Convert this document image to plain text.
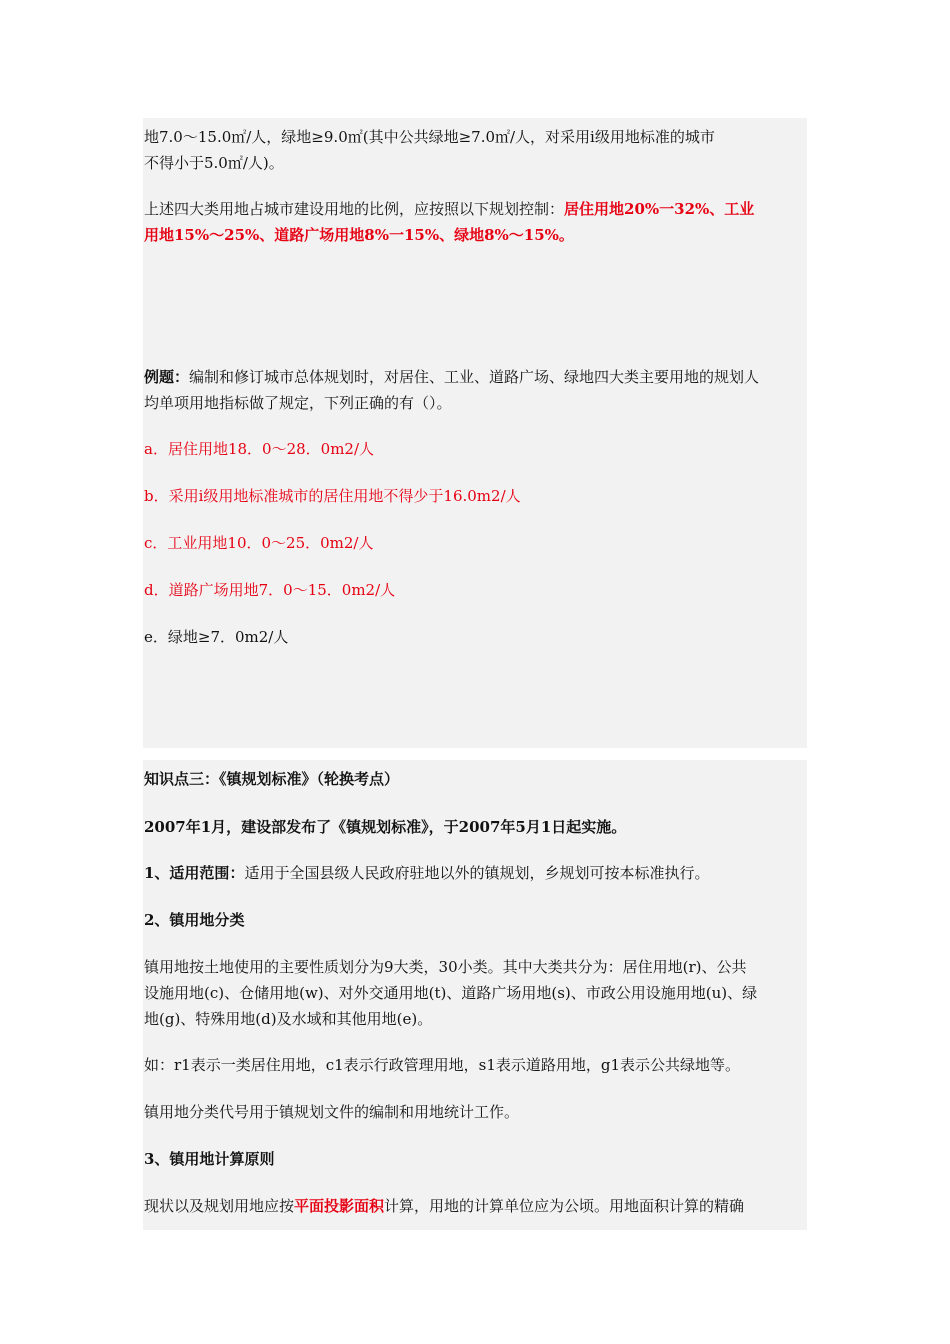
地7.0～15.0㎡/人，绿地≥9.0㎡(其中公共绿地≥7.0㎡/人，对采用i级用地标准的城市
不得小于5.0㎡/人)。
上述四大类用地占城市建设用地的比例，应按照以下规划控制：居住用地20%一32%、工业
用地15%～25%、道路广场用地8%一15%、绿地8%～15%。
例题：编制和修订城市总体规划时，对居住、工业、道路广场、绿地四大类主要用地的规划人
均单项用地指标做了规定，下列正确的有（）。
a．居住用地18．0～28．0m2/人
b．采用i级用地标准城市的居住用地不得少于16.0m2/人
c．工业用地10．0～25．0m2/人
d．道路广场用地7．0～15．0m2/人
e．绿地≥7．0m2/人
知识点三：《镇规划标准》（轮换考点）
2007年1月，建设部发布了《镇规划标准》，于2007年5月1日起实施。
1、适用范围：适用于全国县级人民政府驻地以外的镇规划，乡规划可按本标准执行。
2、镇用地分类
镇用地按土地使用的主要性质划分为9大类，30小类。其中大类共分为：居住用地(r)、公共
设施用地(c)、仓储用地(w)、对外交通用地(t)、道路广场用地(s)、市政公用设施用地(u)、绿
地(g)、特殊用地(d)及水域和其他用地(e)。
如：r1表示一类居住用地，c1表示行政管理用地，s1表示道路用地，g1表示公共绿地等。
镇用地分类代号用于镇规划文件的编制和用地统计工作。
3、镇用地计算原则
现状以及规划用地应按平面投影面积计算，用地的计算单位应为公顷。用地面积计算的精确
